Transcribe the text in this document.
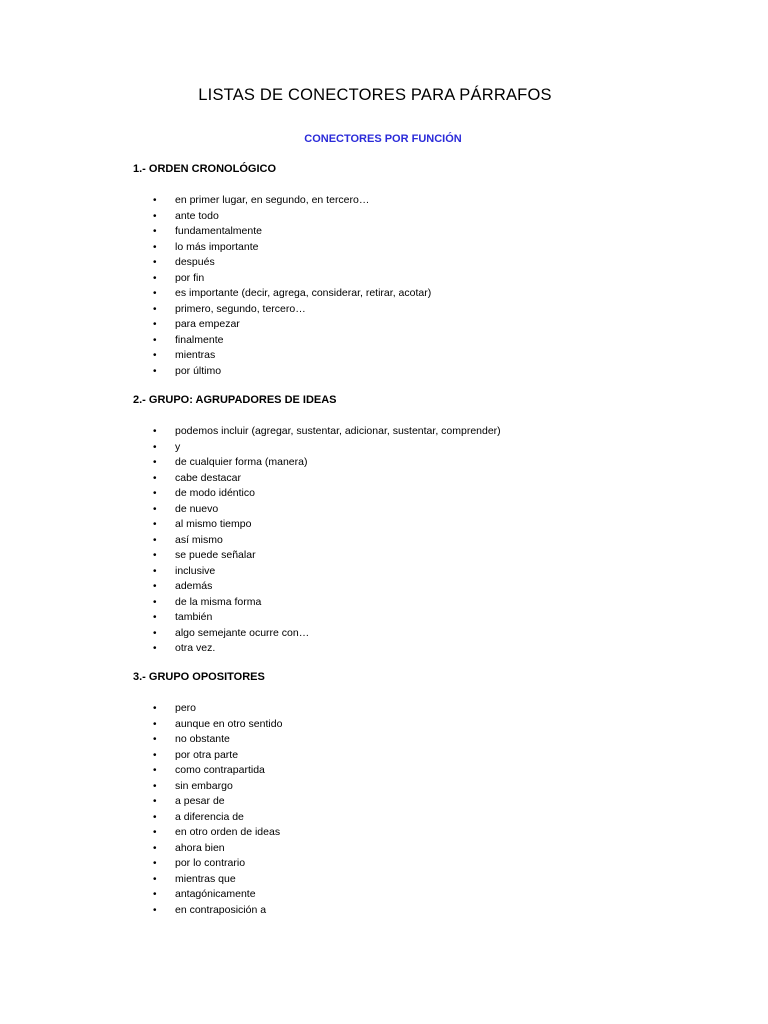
LISTAS DE CONECTORES PARA PÁRRAFOS
CONECTORES POR FUNCIÓN
1.- ORDEN CRONOLÓGICO
• en primer lugar, en segundo, en tercero…
• ante todo
• fundamentalmente
• lo más importante
• después
• por fin
• es importante (decir, agrega, considerar, retirar, acotar)
• primero, segundo, tercero…
• para empezar
• finalmente
• mientras
• por último
2.- GRUPO: AGRUPADORES DE IDEAS
• podemos incluir (agregar, sustentar, adicionar, sustentar, comprender)
• y
• de cualquier forma (manera)
• cabe destacar
• de modo idéntico
• de nuevo
• al mismo tiempo
• así mismo
• se puede señalar
• inclusive
• además
• de la misma forma
• también
• algo semejante ocurre con…
• otra vez.
3.- GRUPO OPOSITORES
• pero
• aunque en otro sentido
• no obstante
• por otra parte
• como contrapartida
• sin embargo
• a pesar de
• a diferencia de
• en otro orden de ideas
• ahora bien
• por lo contrario
• mientras que
• antagónicamente
• en contraposición a
